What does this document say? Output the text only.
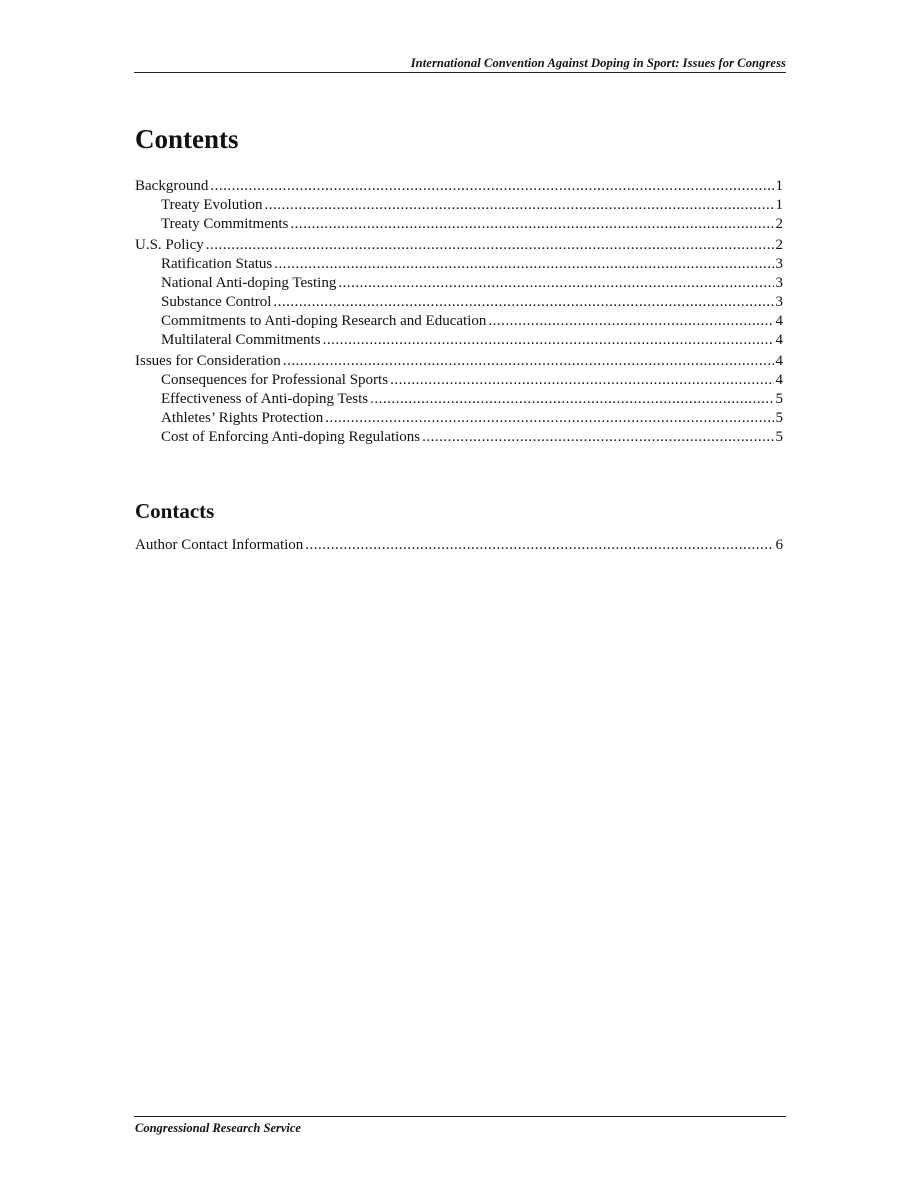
International Convention Against Doping in Sport: Issues for Congress
Contents
Background .....	1
Treaty Evolution .....	1
Treaty Commitments .....	2
U.S. Policy .....	2
Ratification Status .....	3
National Anti-doping Testing .....	3
Substance Control .....	3
Commitments to Anti-doping Research and Education .....	4
Multilateral Commitments .....	4
Issues for Consideration .....	4
Consequences for Professional Sports .....	4
Effectiveness of Anti-doping Tests .....	5
Athletes’ Rights Protection .....	5
Cost of Enforcing Anti-doping Regulations .....	5
Contacts
Author Contact Information .....	6
Congressional Research Service
